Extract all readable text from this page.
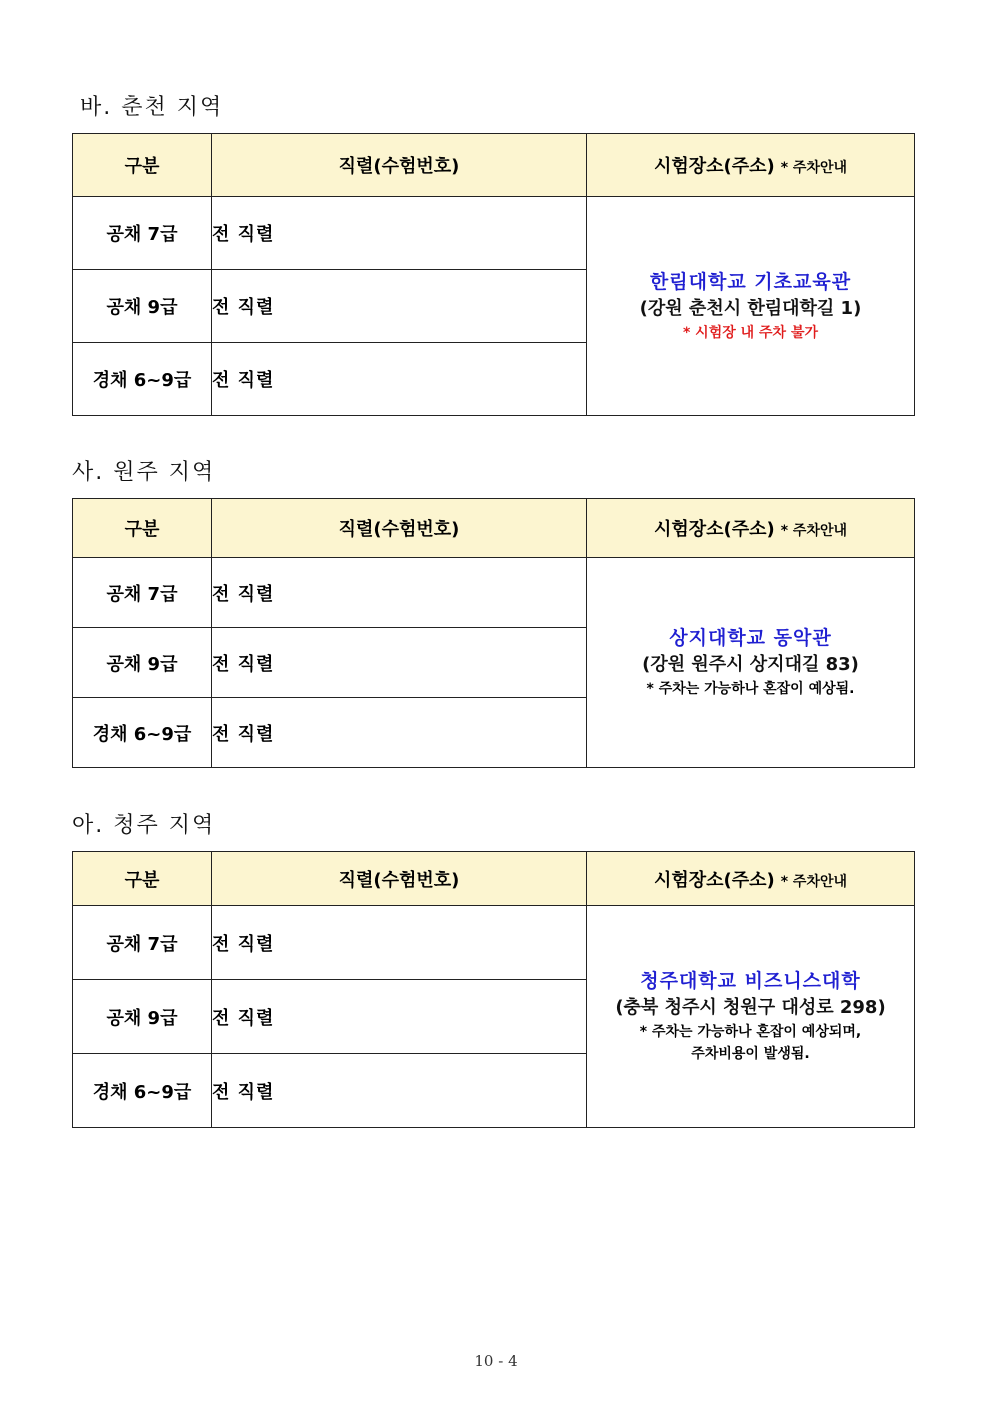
바. 춘천 지역
구분	직렬(수험번호)	시험장소(주소) * 주차안내
공채 7급	전 직렬	한림대학교 기초교육관
(강원 춘천시 한림대학길 1)
* 시험장 내 주차 불가

공채 9급	전 직렬	
경채 6~9급	전 직렬	
사. 원주 지역
구분	직렬(수험번호)	시험장소(주소) * 주차안내
공채 7급	전 직렬	상지대학교 동악관
(강원 원주시 상지대길 83)
* 주차는 가능하나 혼잡이 예상됨.

공채 9급	전 직렬	
경채 6~9급	전 직렬	
아. 청주 지역
구분	직렬(수험번호)	시험장소(주소) * 주차안내
공채 7급	전 직렬	청주대학교 비즈니스대학
(충북 청주시 청원구 대성로 298)
* 주차는 가능하나 혼잡이 예상되며,
주차비용이 발생됨.

공채 9급	전 직렬	
경채 6~9급	전 직렬	
10 - 4
